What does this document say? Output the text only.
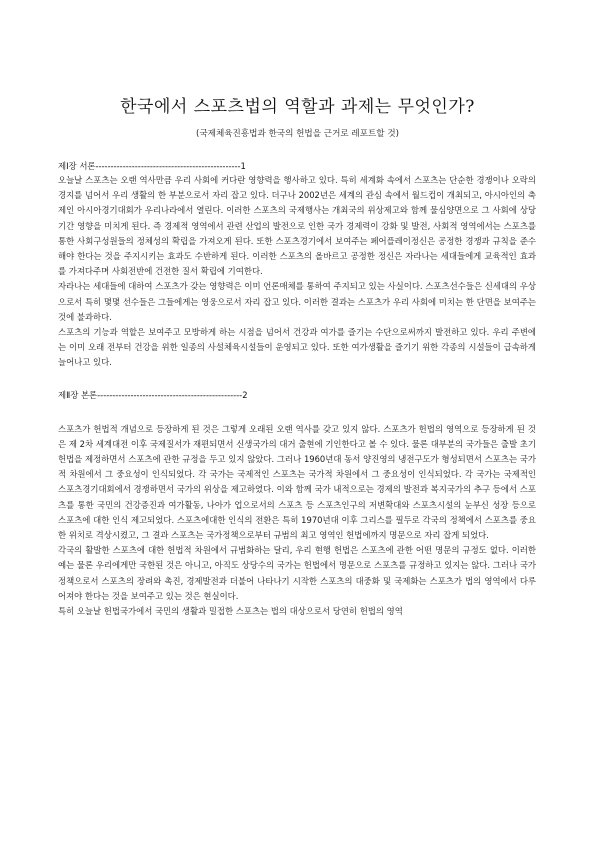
한국에서 스포츠법의 역할과 과제는 무엇인가?

(국제체육진흥법과 한국의 헌법을 근거로 레포트할 것)

제Ⅰ장 서론------------------------------------------------1

오늘날 스포츠는 오랜 역사만큼 우리 사회에 커다란 영향력을 행사하고 있다. 특히 세계화 속에서 스포츠는 단순한 경쟁이나 오락의 경지를 넘어서 우리 생활의 한 부분으로서 자리 잡고 있다. 더구나 2002년은 세계의 관심 속에서 월드컵이 개최되고, 아시아인의 축제인 아시아경기대회가 우리나라에서 열린다. 이러한 스포츠의 국제행사는 개최국의 위상제고와 함께 물심양면으로 그 사회에 상당기간 영향을 미치게 된다. 즉 경제적 영역에서 관련 산업의 발전으로 인한 국가 경제력이 강화 및 발전, 사회적 영역에서는 스포츠를 통한 사회구성원들의 정체성의 확립을 가져오게 된다. 또한 스포츠경기에서 보여주는 페어플레이정신은 공정한 경쟁과 규칙을 준수해야 한다는 것을 주지시키는 효과도 수반하게 된다. 이러한 스포츠의 올바르고 공정한 정신은 자라나는 세대들에게 교육적인 효과를 가져다주며 사회전반에 건전한 질서 확립에 기여한다.

자라나는 세대들에 대하여 스포츠가 갖는 영향력은 이미 언론매체를 통하여 주지되고 있는 사실이다. 스포츠선수들은 신세대의 우상으로서 특히 몇몇 선수들은 그들에게는 영웅으로서 자리 잡고 있다. 이러한 결과는 스포츠가 우리 사회에 미치는 한 단면을 보여주는 것에 불과하다.

스포츠의 기능과 역할은 보여주고 모방하게 하는 시점을 넘어서 건강과 여가를 즐기는 수단으로써까지 발전하고 있다. 우리 주변에는 이미 오래 전부터 건강을 위한 일종의 사설체육시설들이 운영되고 있다. 또한 여가생활을 즐기기 위한 각종의 시설들이 급속하게 늘어나고 있다.

제Ⅱ장 본론------------------------------------------------2

스포츠가 헌법적 개념으로 등장하게 된 것은 그렇게 오래된 오랜 역사를 갖고 있지 않다. 스포츠가 헌법의 영역으로 등장하게 된 것은 제 2차 세계대전 이후 국제질서가 재편되면서 신생국가의 대거 출현에 기인한다고 볼 수 있다. 물론 대부분의 국가들은 출발 초기 헌법을 제정하면서 스포츠에 관한 규정을 두고 있지 않았다. 그러나 1960년대 동서 양진영의 냉전구도가 형성되면서 스포츠는 국가적 차원에서 그 중요성이 인식되었다. 각 국가는 국제적인 스포츠는 국가적 차원에서 그 중요성이 인식되었다. 각 국가는 국제적인 스포츠경기대회에서 경쟁하면서 국가의 위상을 제고하였다. 이와 함께 국가 내적으로는 경제의 발전과 복지국가의 추구 등에서 스포츠를 통한 국민의 건강증진과 여가활동, 나아가 업으로서의 스포츠 등 스포츠인구의 저변확대와 스포츠시설의 눈부신 성장 등으로 스포츠에 대한 인식 제고되었다. 스포츠에대한 인식의 전환은 특히 1970년대 이후 그리스를 필두로 각국의 정책에서 스포츠를 중요한 위치로 격상시켰고, 그 결과 스포츠는 국가정책으로부터 규범의 최고 영역인 헌법에까지 명문으로 자리 잡게 되었다.

각국의 활발한 스포츠에 대한 헌법적 차원에서 규범화하는 달리, 우리 현행 헌법은 스포츠에 관한 어떤 명문의 규정도 없다. 이러한 예는 물론 우리에게만 국한된 것은 아니고, 아직도 상당수의 국가는 헌법에서 명문으로 스포츠를 규정하고 있지는 않다. 그러나 국가정책으로서 스포츠의 장려와 촉진, 경제발전과 더불어 나타나기 시작한 스포츠의 대중화 및 국제화는 스포츠가 법의 영역에서 다루어져야 한다는 것을 보여주고 있는 것은 현실이다.

특히 오늘날 헌법국가에서 국민의 생활과 밀접한 스포츠는 법의 대상으로서 당연히 헌법의 영역
